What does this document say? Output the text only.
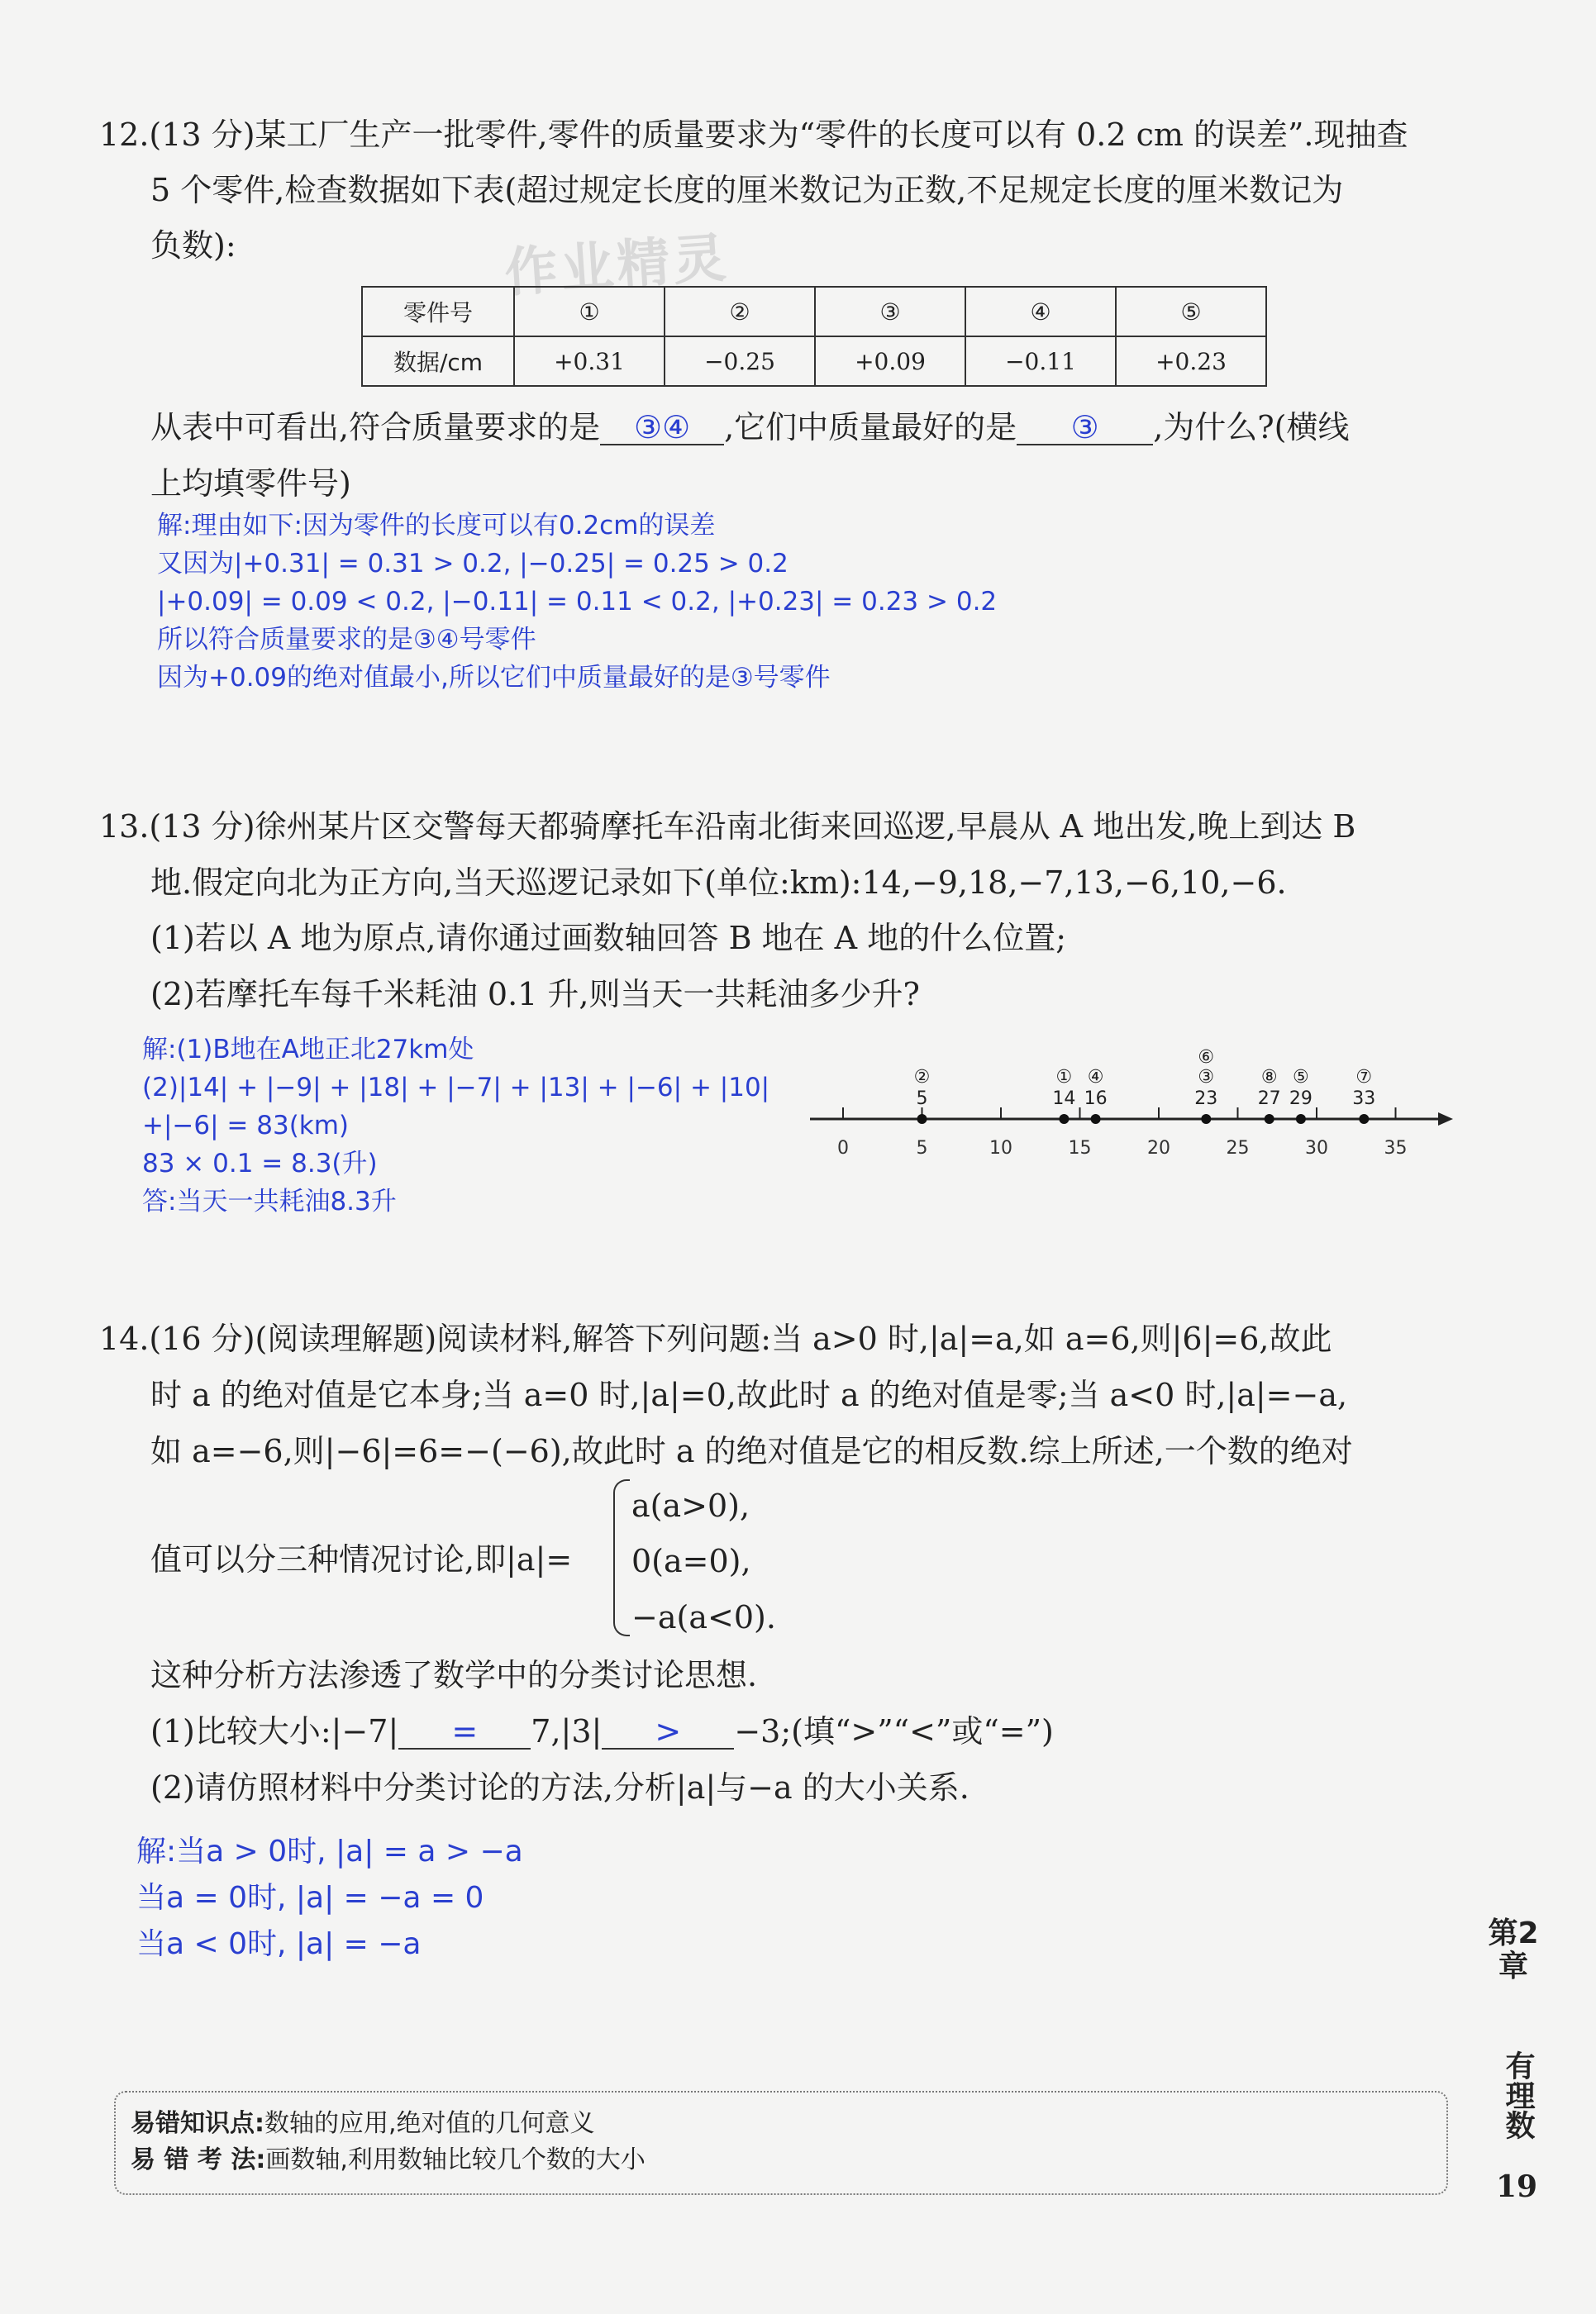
作业精灵
12.(13 分)某工厂生产一批零件,零件的质量要求为“零件的长度可以有 0.2 cm 的误差”.现抽查
5 个零件,检查数据如下表(超过规定长度的厘米数记为正数,不足规定长度的厘米数记为
负数):
零件号	①	②	③	④	⑤
数据/cm	+0.31	−0.25	+0.09	−0.11	+0.23
从表中可看出,符合质量要求的是 ③④ ,它们中质量最好的是 ③ ,为什么?(横线
上均填零件号)
解:理由如下:因为零件的长度可以有0.2cm的误差
又因为|+0.31| = 0.31 > 0.2, |−0.25| = 0.25 > 0.2
|+0.09| = 0.09 < 0.2, |−0.11| = 0.11 < 0.2, |+0.23| = 0.23 > 0.2
所以符合质量要求的是③④号零件
因为+0.09的绝对值最小,所以它们中质量最好的是③号零件
13.(13 分)徐州某片区交警每天都骑摩托车沿南北街来回巡逻,早晨从 A 地出发,晚上到达 B
地.假定向北为正方向,当天巡逻记录如下(单位:km):14,−9,18,−7,13,−6,10,−6.
(1)若以 A 地为原点,请你通过画数轴回答 B 地在 A 地的什么位置;
(2)若摩托车每千米耗油 0.1 升,则当天一共耗油多少升?
解:(1)B地在A地正北27km处
(2)|14| + |−9| + |18| + |−7| + |13| + |−6| + |10|
+|−6| = 83(km)
83 × 0.1 = 8.3(升)
答:当天一共耗油8.3升
0	5	10	15	20	25	30	35
5
②
14
①
16
④
23
⑥
③
27
⑧
29
⑤
33
⑦
14.(16 分)(阅读理解题)阅读材料,解答下列问题:当 a>0 时,|a|=a,如 a=6,则|6|=6,故此
时 a 的绝对值是它本身;当 a=0 时,|a|=0,故此时 a 的绝对值是零;当 a<0 时,|a|=−a,
如 a=−6,则|−6|=6=−(−6),故此时 a 的绝对值是它的相反数.综上所述,一个数的绝对
值可以分三种情况讨论,即|a|=
a(a>0),
0(a=0),
−a(a<0).
这种分析方法渗透了数学中的分类讨论思想.
(1)比较大小:|−7| = 7,|3| > −3;(填“>”“<”或“=”)
(2)请仿照材料中分类讨论的方法,分析|a|与−a 的大小关系.
解:当a > 0时, |a| = a > −a
当a = 0时, |a| = −a = 0
当a < 0时, |a| = −a
易错知识点:数轴的应用,绝对值的几何意义
易 错 考 法:画数轴,利用数轴比较几个数的大小
第2章
有理数
19
